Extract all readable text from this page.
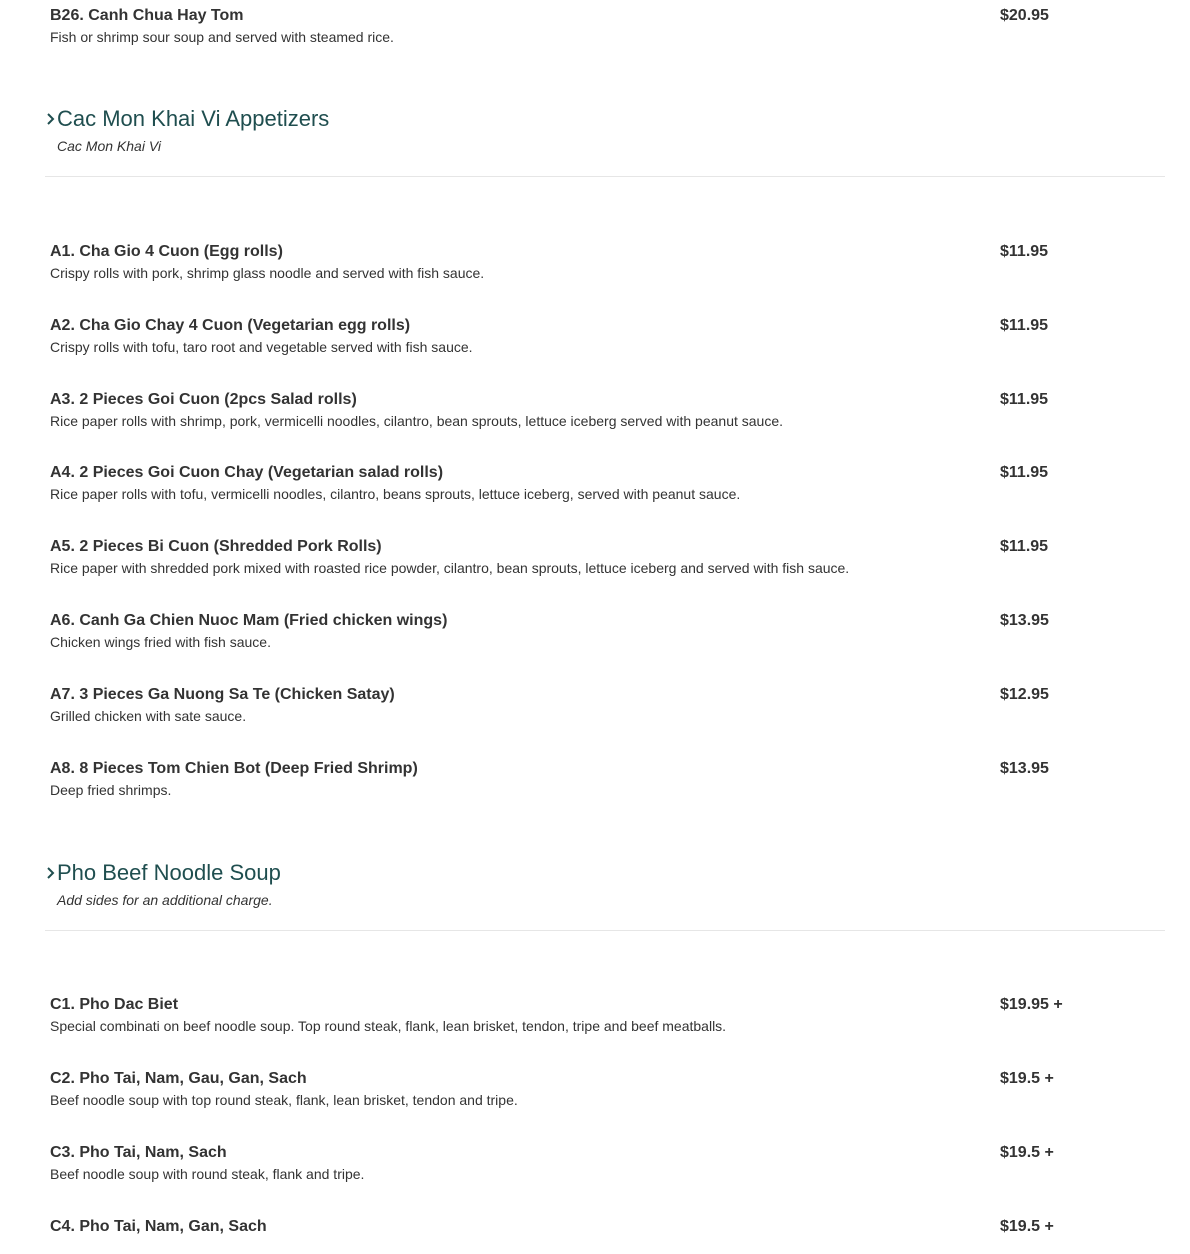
B26. Canh Chua Hay Tom	$20.95
Fish or shrimp sour soup and served with steamed rice.
Cac Mon Khai Vi Appetizers
Cac Mon Khai Vi
A1. Cha Gio 4 Cuon (Egg rolls)	$11.95
Crispy rolls with pork, shrimp glass noodle and served with fish sauce.
A2. Cha Gio Chay 4 Cuon (Vegetarian egg rolls)	$11.95
Crispy rolls with tofu, taro root and vegetable served with fish sauce.
A3. 2 Pieces Goi Cuon (2pcs Salad rolls)	$11.95
Rice paper rolls with shrimp, pork, vermicelli noodles, cilantro, bean sprouts, lettuce iceberg served with peanut sauce.
A4. 2 Pieces Goi Cuon Chay (Vegetarian salad rolls)	$11.95
Rice paper rolls with tofu, vermicelli noodles, cilantro, beans sprouts, lettuce iceberg, served with peanut sauce.
A5. 2 Pieces Bi Cuon (Shredded Pork Rolls)	$11.95
Rice paper with shredded pork mixed with roasted rice powder, cilantro, bean sprouts, lettuce iceberg and served with fish sauce.
A6. Canh Ga Chien Nuoc Mam (Fried chicken wings)	$13.95
Chicken wings fried with fish sauce.
A7. 3 Pieces Ga Nuong Sa Te (Chicken Satay)	$12.95
Grilled chicken with sate sauce.
A8. 8 Pieces Tom Chien Bot (Deep Fried Shrimp)	$13.95
Deep fried shrimps.
Pho Beef Noodle Soup
Add sides for an additional charge.
C1. Pho Dac Biet	$19.95 +
Special combinati on beef noodle soup. Top round steak, flank, lean brisket, tendon, tripe and beef meatballs.
C2. Pho Tai, Nam, Gau, Gan, Sach	$19.5 +
Beef noodle soup with top round steak, flank, lean brisket, tendon and tripe.
C3. Pho Tai, Nam, Sach	$19.5 +
Beef noodle soup with round steak, flank and tripe.
C4. Pho Tai, Nam, Gan, Sach	$19.5 +
